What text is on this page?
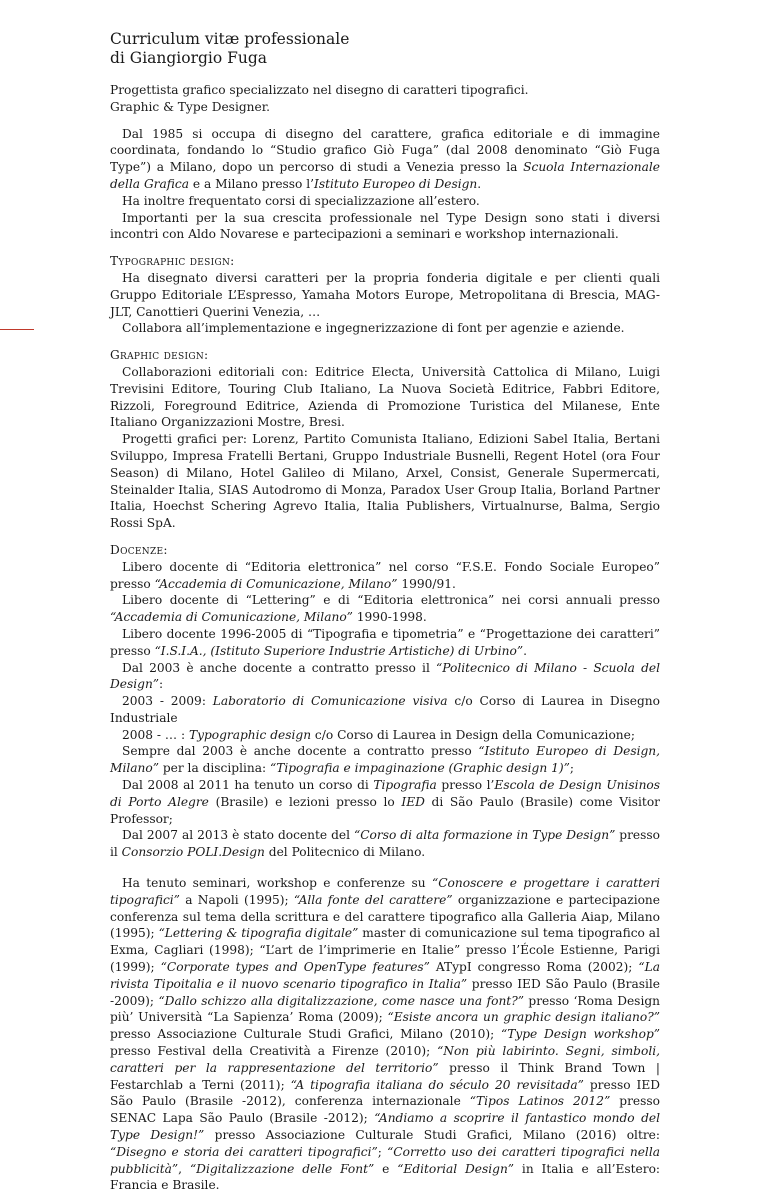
Curriculum vitæ professionale
di Giangiorgio Fuga

Progettista grafico specializzato nel disegno di caratteri tipografici.

Graphic & Type Designer.

Dal 1985 si occupa di disegno del carattere, grafica editoriale e di immagine coordinata, fondando lo “Studio grafico Giò Fuga” (dal 2008 denominato “Giò Fuga Type”) a Milano, dopo un percorso di studi a Venezia presso la Scuola Internazionale della Grafica e a Milano presso l’Istituto Europeo di Design.

Ha inoltre frequentato corsi di specializzazione all’estero.

Importanti per la sua crescita professionale nel Type Design sono stati i diversi incontri con Aldo Novarese e partecipazioni a seminari e workshop internazionali.

Typographic design:

Ha disegnato diversi caratteri per la propria fonderia digitale e per clienti quali Gruppo Editoriale L’Espresso, Yamaha Motors Europe, Metropolitana di Brescia, MAG-JLT, Canottieri Querini Venezia, …

Collabora all’implementazione e ingegnerizzazione di font per agenzie e aziende.

Graphic design:

Collaborazioni editoriali con: Editrice Electa, Università Cattolica di Milano, Luigi Trevisini Editore, Touring Club Italiano, La Nuova Società Editrice, Fabbri Editore, Rizzoli, Foreground Editrice, Azienda di Promozione Turistica del Milanese, Ente Italiano Organizzazioni Mostre, Bresi.

Progetti grafici per: Lorenz, Partito Comunista Italiano, Edizioni Sabel Italia, Bertani Sviluppo, Impresa Fratelli Bertani, Gruppo Industriale Busnelli, Regent Hotel (ora Four Season) di Milano, Hotel Galileo di Milano, Arxel, Consist, Generale Supermercati, Steinalder Italia, SIAS Autodromo di Monza, Paradox User Group Italia, Borland Partner Italia, Hoechst Schering Agrevo Italia, Italia Publishers, Virtualnurse, Balma, Sergio Rossi SpA.

Docenze:

Libero docente di “Editoria elettronica” nel corso “F.S.E. Fondo Sociale Europeo” presso “Accademia di Comunicazione, Milano” 1990/91.

Libero docente di “Lettering” e di “Editoria elettronica” nei corsi annuali presso “Accademia di Comunicazione, Milano” 1990-1998.

Libero docente 1996-2005 di “Tipografia e tipometria” e “Progettazione dei caratteri” presso “I.S.I.A., (Istituto Superiore Industrie Artistiche) di Urbino”.

Dal 2003 è anche docente a contratto presso il “Politecnico di Milano - Scuola del Design”:

2003 - 2009: Laboratorio di Comunicazione visiva c/o Corso di Laurea in Disegno Industriale

2008 - … : Typographic design c/o Corso di Laurea in Design della Comunicazione;

Sempre dal 2003 è anche docente a contratto presso “Istituto Europeo di Design, Milano” per la disciplina: “Tipografia e impaginazione (Graphic design 1)”;

Dal 2008 al 2011 ha tenuto un corso di Tipografia presso l’Escola de Design Unisinos di Porto Alegre (Brasile) e lezioni presso lo IED di São Paulo (Brasile) come Visitor Professor;

Dal 2007 al 2013 è stato docente del “Corso di alta formazione in Type Design” presso il Consorzio POLI.Design del Politecnico di Milano.

Ha tenuto seminari, workshop e conferenze su “Conoscere e progettare i caratteri tipografici” a Napoli (1995); “Alla fonte del carattere” organizzazione e partecipazione conferenza sul tema della scrittura e del carattere tipografico alla Galleria Aiap, Milano (1995); “Lettering & tipografia digitale” master di comunicazione sul tema tipografico al Exma, Cagliari (1998); “L’art de l’imprimerie en Italie” presso l’École Estienne, Parigi (1999); “Corporate types and OpenType features” ATypI congresso Roma (2002); “La rivista Tipoitalia e il nuovo scenario tipografico in Italia” presso IED São Paulo (Brasile -2009); “Dallo schizzo alla digitalizzazione, come nasce una font?” presso ‘Roma Design più’ Università “La Sapienza’ Roma (2009); “Esiste ancora un graphic design italiano?” presso Associazione Culturale Studi Grafici, Milano (2010); “Type Design workshop” presso Festival della Creatività a Firenze (2010); “Non più labirinto. Segni, simboli, caratteri per la rappresentazione del territorio” presso il Think Brand Town | Festarchlab a Terni (2011); “A tipografia italiana do século 20 revisitada” presso IED São Paulo (Brasile -2012), conferenza internazionale “Tipos Latinos 2012” presso SENAC Lapa São Paulo (Brasile -2012); “Andiamo a scoprire il fantastico mondo del Type Design!” presso Associazione Culturale Studi Grafici, Milano (2016) oltre: “Disegno e storia dei caratteri tipografici”; “Corretto uso dei caratteri tipografici nella pubblicità”, “Digitalizzazione delle Font” e “Editorial Design” in Italia e all’Estero: Francia e Brasile.
